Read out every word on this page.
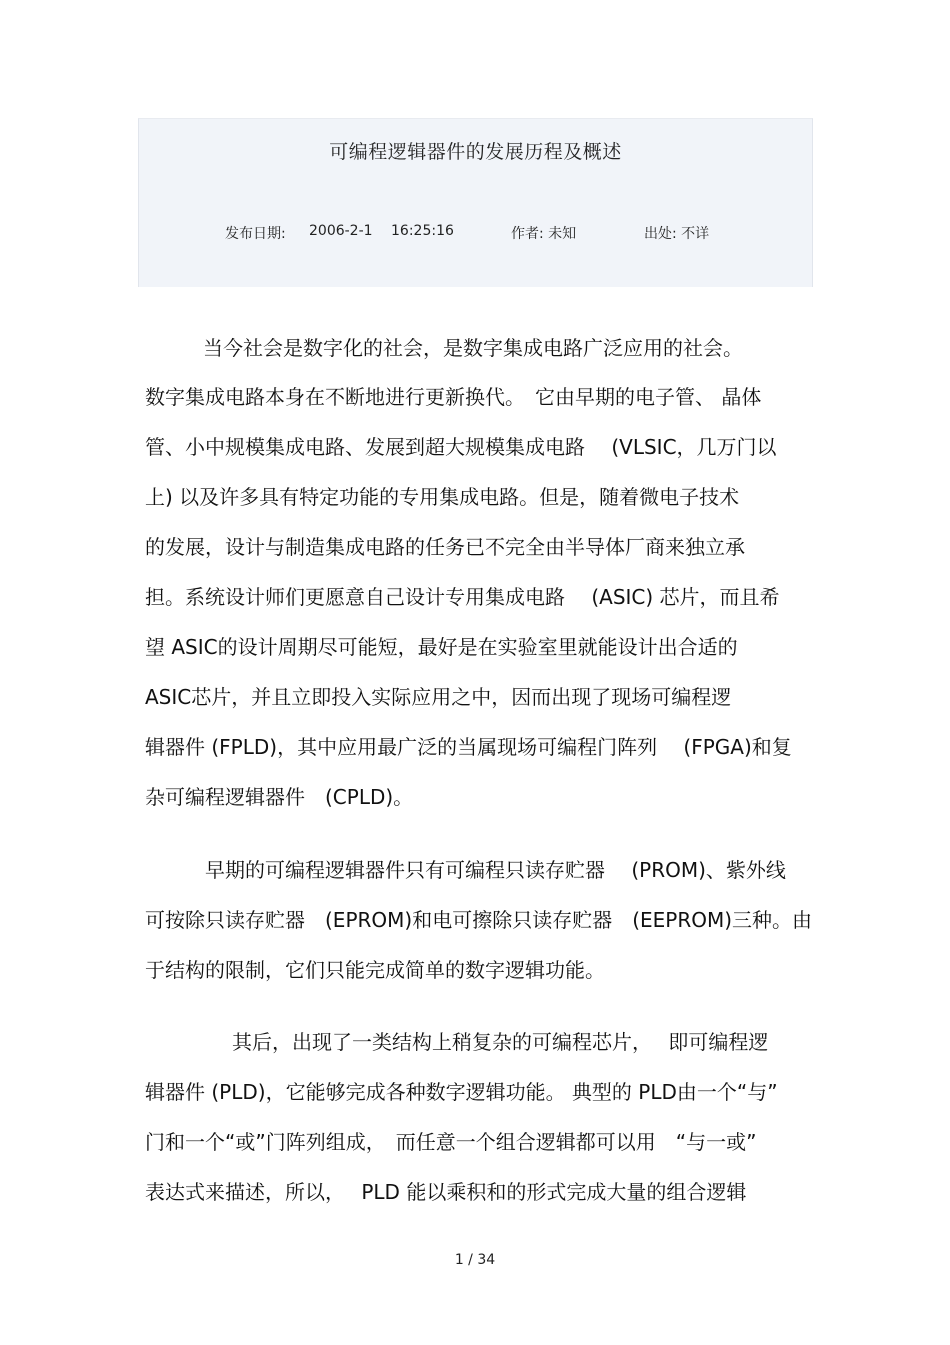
可编程逻辑器件的发展历程及概述
发布日期: 2006-2-1 16:25:16	作者: 未知	出处: 不详
当今社会是数字化的社会，是数字集成电路广泛应用的社会。
数字集成电路本身在不断地进行更新换代。　它由早期的电子管、 晶体
管、小中规模集成电路、发展到超大规模集成电路　 (VLSIC，几万门以
上) 以及许多具有特定功能的专用集成电路。但是，随着微电子技术
的发展，设计与制造集成电路的任务已不完全由半导体厂商来独立承
担。系统设计师们更愿意自己设计专用集成电路　 (ASIC) 芯片，而且希
望 ASIC的设计周期尽可能短，最好是在实验室里就能设计出合适的
ASIC芯片，并且立即投入实际应用之中，因而出现了现场可编程逻
辑器件 (FPLD)，其中应用最广泛的当属现场可编程门阵列　 (FPGA)和复
杂可编程逻辑器件　(CPLD)。
早期的可编程逻辑器件只有可编程只读存贮器　 (PROM)、紫外线
可按除只读存贮器　(EPROM)和电可擦除只读存贮器　(EEPROM)三种。由
于结构的限制，它们只能完成简单的数字逻辑功能。
其后，出现了一类结构上稍复杂的可编程芯片，　 即可编程逻
辑器件 (PLD)，它能够完成各种数字逻辑功能。 典型的 PLD由一个“与”
门和一个“或”门阵列组成，　而任意一个组合逻辑都可以用　“与一或”
表达式来描述，所以，　 PLD 能以乘积和的形式完成大量的组合逻辑
1 / 34
